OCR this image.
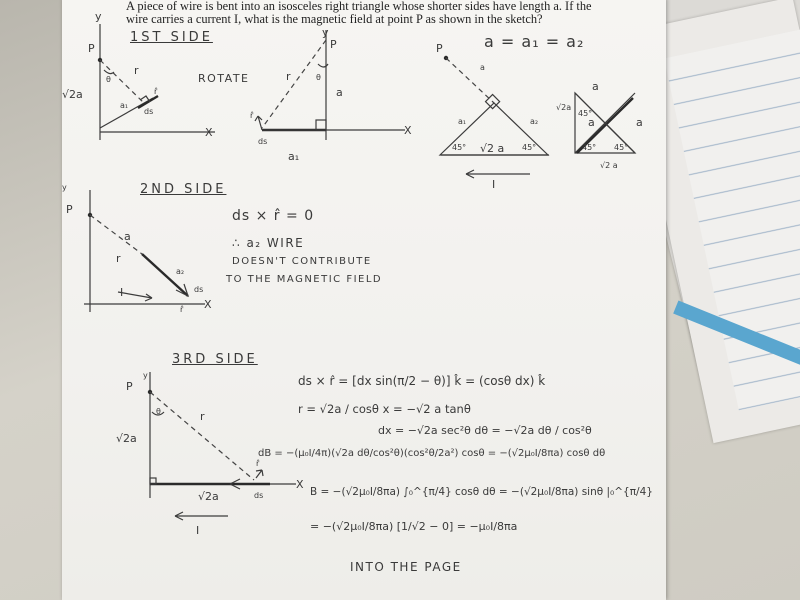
A piece of wire is bent into an isosceles right triangle whose shorter sides have length a. If the wire carries a current I, what is the magnetic field at point P as shown in the sketch?

1ST SIDE
ROTATE
P
y
X
r
θ
√2a
a₁
r̂
ds
P
y
X
r	θ
a
r̂
ds
a₁
P
a
a₁	a₂
√2 a
45°	45°
I
√2a
a
a	a
√2 a
45°
45° 45°
P
y
a
r
a₂
ds
r̂ X
I
P
y
θ	r
√2a
√2a
r̂
ds
X
I
a = a₁ = a₂
2ND SIDE
ds × r̂ = 0
∴ a₂ WIRE
DOESN'T CONTRIBUTE
TO THE MAGNETIC FIELD
3RD SIDE
ds × r̂ = [dx sin(π/2 − θ)] k̂ = (cosθ dx) k̂
r = √2a / cosθ x = −√2 a tanθ
dx = −√2a sec²θ dθ = −√2a dθ / cos²θ
dB = −(μ₀I/4π)(√2a dθ/cos²θ)(cos²θ/2a²) cosθ = −(√2μ₀I/8πa) cosθ dθ
B = −(√2μ₀I/8πa) ∫₀^{π/4} cosθ dθ = −(√2μ₀I/8πa) sinθ |₀^{π/4}
= −(√2μ₀I/8πa) [1/√2 − 0] = −μ₀I/8πa
INTO THE PAGE
